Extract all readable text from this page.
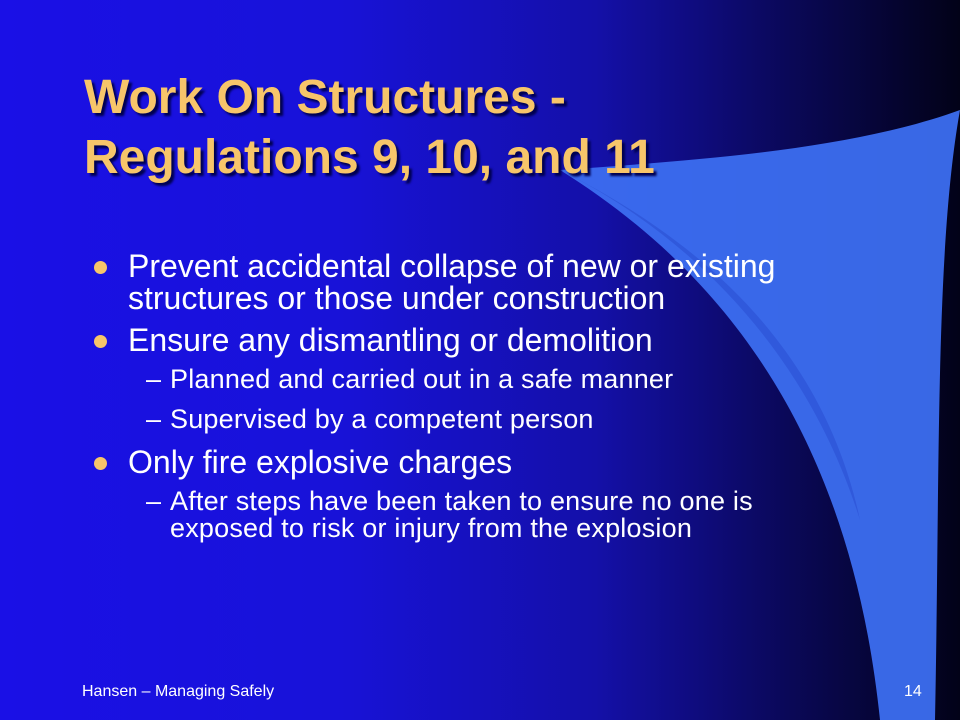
Work On Structures -
Regulations 9, 10, and 11
Prevent accidental collapse of new or existing structures or those under construction
Ensure any dismantling or demolition
– Planned and carried out in a safe manner
– Supervised by a competent person
Only fire explosive charges
– After steps have been taken to ensure no one is exposed to risk or injury from the explosion
Hansen – Managing Safely	14
